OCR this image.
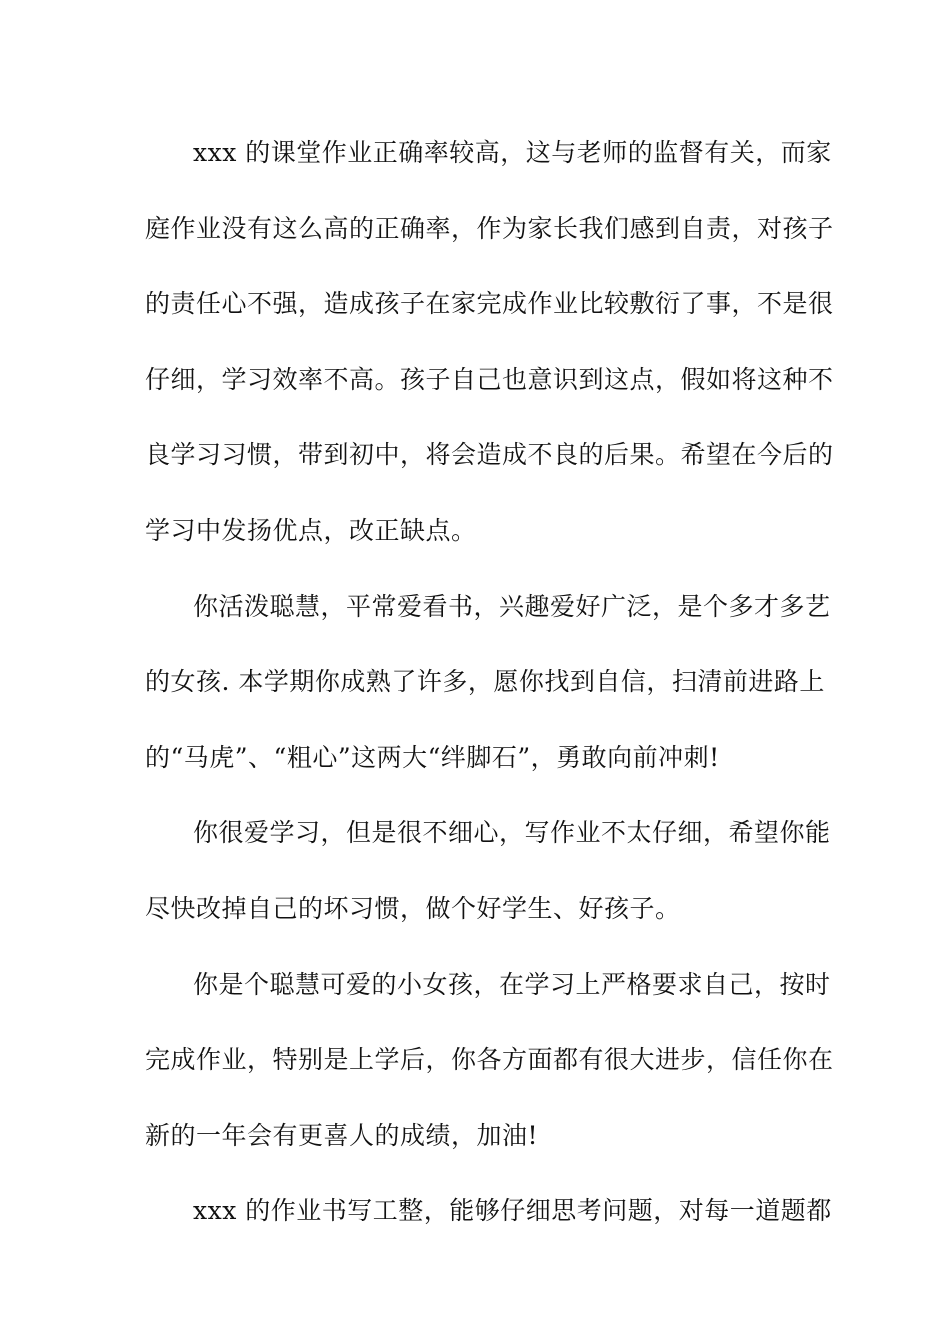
xxx 的课堂作业正确率较高，这与老师的监督有关，而家
庭作业没有这么高的正确率，作为家长我们感到自责，对孩子
的责任心不强，造成孩子在家完成作业比较敷衍了事，不是很
仔细，学习效率不高。孩子自己也意识到这点，假如将这种不
良学习习惯，带到初中，将会造成不良的后果。希望在今后的
学习中发扬优点，改正缺点。
你活泼聪慧，平常爱看书，兴趣爱好广泛，是个多才多艺
的女孩. 本学期你成熟了许多，愿你找到自信，扫清前进路上
的“马虎”、“粗心”这两大“绊脚石”，勇敢向前冲刺!
你很爱学习，但是很不细心，写作业不太仔细，希望你能
尽快改掉自己的坏习惯，做个好学生、好孩子。
你是个聪慧可爱的小女孩，在学习上严格要求自己，按时
完成作业，特别是上学后，你各方面都有很大进步，信任你在
新的一年会有更喜人的成绩，加油!
xxx 的作业书写工整，能够仔细思考问题，对每一道题都
